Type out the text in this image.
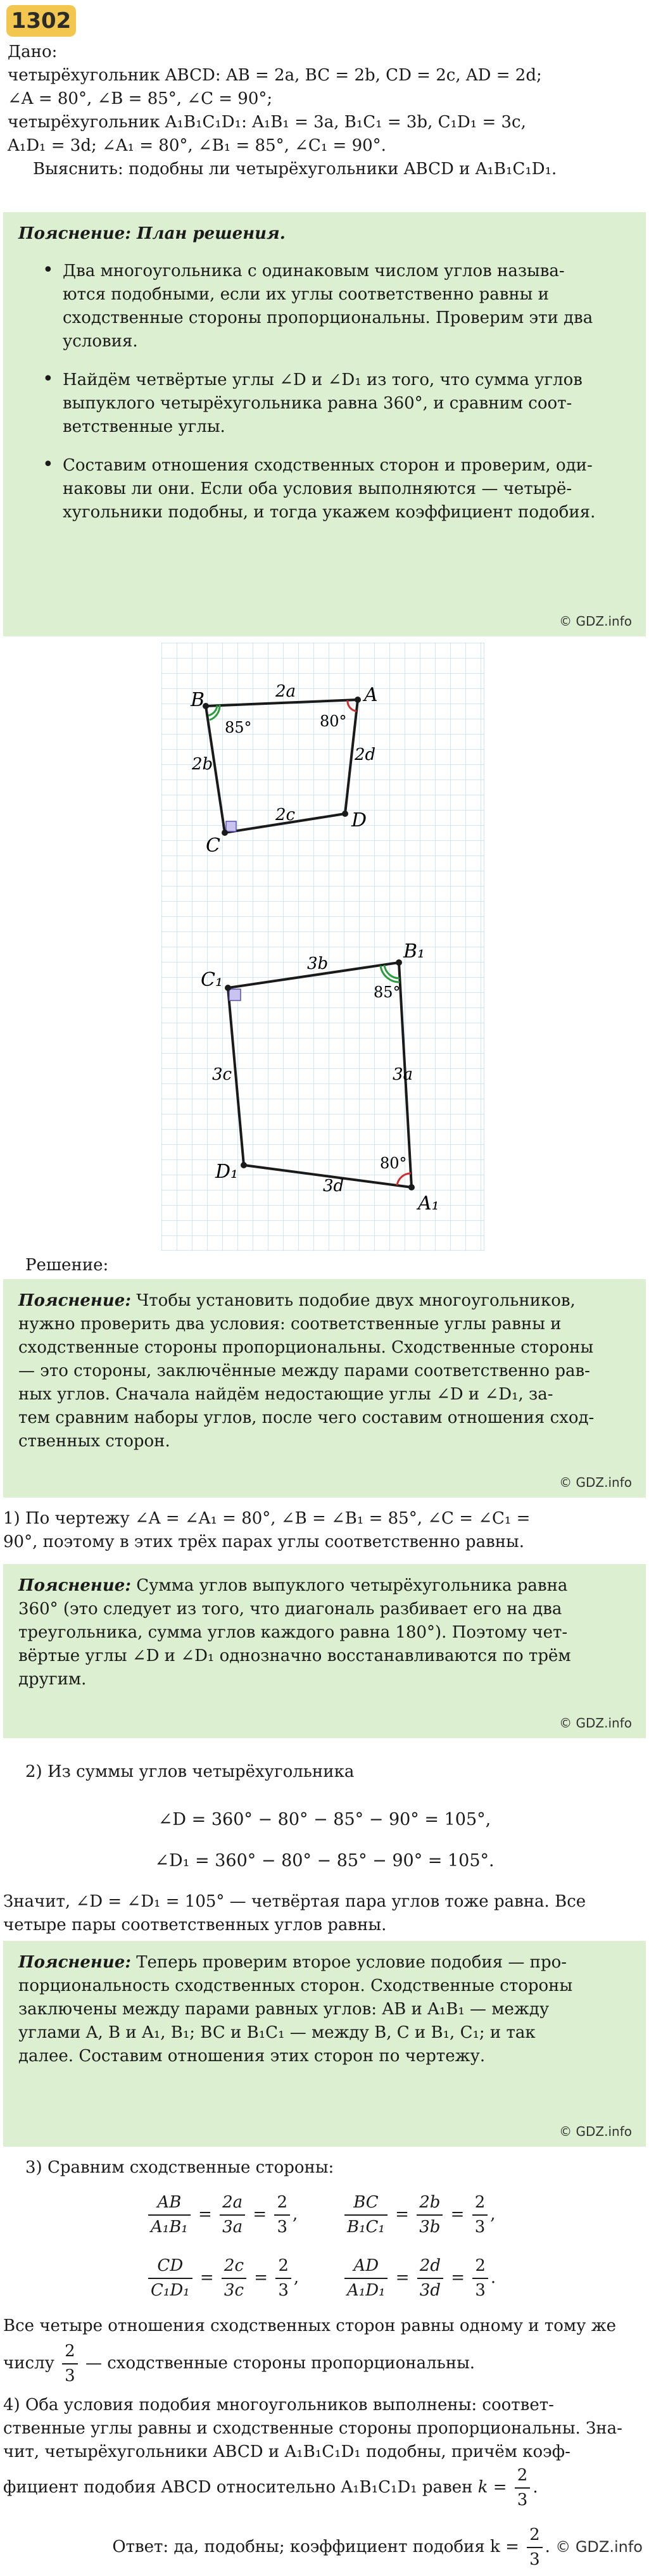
1302
Дано:
четырёхугольник ABCD: AB = 2a, BC = 2b, CD = 2c, AD = 2d;
∠A = 80°, ∠B = 85°, ∠C = 90°;
четырёхугольник A₁B₁C₁D₁: A₁B₁ = 3a, B₁C₁ = 3b, C₁D₁ = 3c,
A₁D₁ = 3d; ∠A₁ = 80°, ∠B₁ = 85°, ∠C₁ = 90°.
Выяснить: подобны ли четырёхугольники ABCD и A₁B₁C₁D₁.
Пояснение: План решения.
• Два многоугольника с одинаковым числом углов называ-
ются подобными, если их углы соответственно равны и
сходственные стороны пропорциональны. Проверим эти два
условия.
• Найдём четвёртые углы ∠D и ∠D₁ из того, что сумма углов
выпуклого четырёхугольника равна 360°, и сравним соот-
ветственные углы.
• Составим отношения сходственных сторон и проверим, оди-
наковы ли они. Если оба условия выполняются — четырё-
хугольники подобны, и тогда укажем коэффициент подобия.
© GDZ.info
B	A
D
C
2a
2b
2c
2d
85°	80°
C₁
B₁
A₁
D₁
3b
3c	3a
3d
85°
80°
Решение:
Пояснение: Чтобы установить подобие двух многоугольников,
нужно проверить два условия: соответственные углы равны и
сходственные стороны пропорциональны. Сходственные стороны
— это стороны, заключённые между парами соответственно рав-
ных углов. Сначала найдём недостающие углы ∠D и ∠D₁, за-
тем сравним наборы углов, после чего составим отношения сход-
ственных сторон.
© GDZ.info
1) По чертежу ∠A = ∠A₁ = 80°, ∠B = ∠B₁ = 85°, ∠C = ∠C₁ =
90°, поэтому в этих трёх парах углы соответственно равны.
Пояснение: Сумма углов выпуклого четырёхугольника равна
360° (это следует из того, что диагональ разбивает его на два
треугольника, сумма углов каждого равна 180°). Поэтому чет-
вёртые углы ∠D и ∠D₁ однозначно восстанавливаются по трём
другим.
© GDZ.info
2) Из суммы углов четырёхугольника
∠D = 360° − 80° − 85° − 90° = 105°,
∠D₁ = 360° − 80° − 85° − 90° = 105°.
Значит, ∠D = ∠D₁ = 105° — четвёртая пара углов тоже равна. Все
четыре пары соответственных углов равны.
Пояснение: Теперь проверим второе условие подобия — про-
порциональность сходственных сторон. Сходственные стороны
заключены между парами равных углов: AB и A₁B₁ — между
углами A, B и A₁, B₁; BC и B₁C₁ — между B, C и B₁, C₁; и так
далее. Составим отношения этих сторон по чертежу.
© GDZ.info
3) Сравним сходственные стороны:
$\frac{AB}{\text{A₁B₁}} = \frac{2a}{3a} = \frac{2}{3}$ ,	$\frac{BC}{\text{B₁C₁}} = \frac{2b}{3b} = \frac{2}{3}$ ,
$\frac{CD}{\text{C₁D₁}} = \frac{2c}{3c} = \frac{2}{3}$ ,	$\frac{AD}{\text{A₁D₁}} = \frac{2d}{3d} = \frac{2}{3}$ .
Все четыре отношения сходственных сторон равны одному и тому же
числу $\frac{2}{3}$ — сходственные стороны пропорциональны.
4) Оба условия подобия многоугольников выполнены: соответ-
ственные углы равны и сходственные стороны пропорциональны. Зна-
чит, четырёхугольники ABCD и A₁B₁C₁D₁ подобны, причём коэф-
фициент подобия ABCD относительно A₁B₁C₁D₁ равен $k = \frac{2}{3}$ .
Ответ: да, подобны; коэффициент подобия $k = \frac{2}{3}$ . © GDZ.info
